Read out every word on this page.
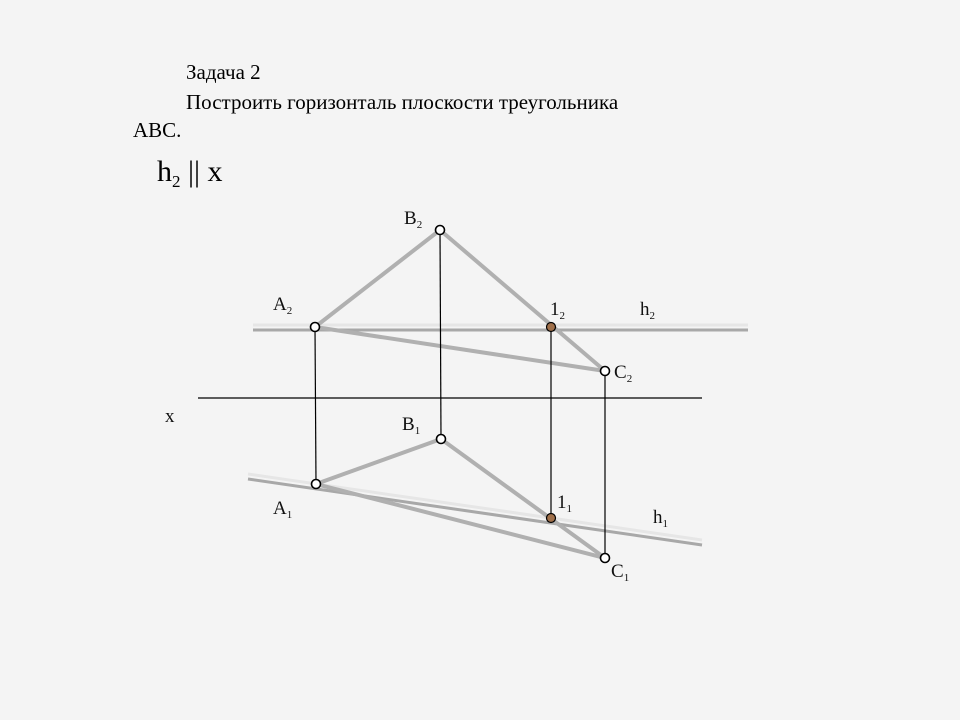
Задача 2
Построить горизонталь плоскости треугольника
АВС.
$h_2$ || x
$B_2$
$A_2$	$1_2$	$h_2$
$C_2$
x	$B_1$
$A_1$
$1_1$	$h_1$
$C_1$
